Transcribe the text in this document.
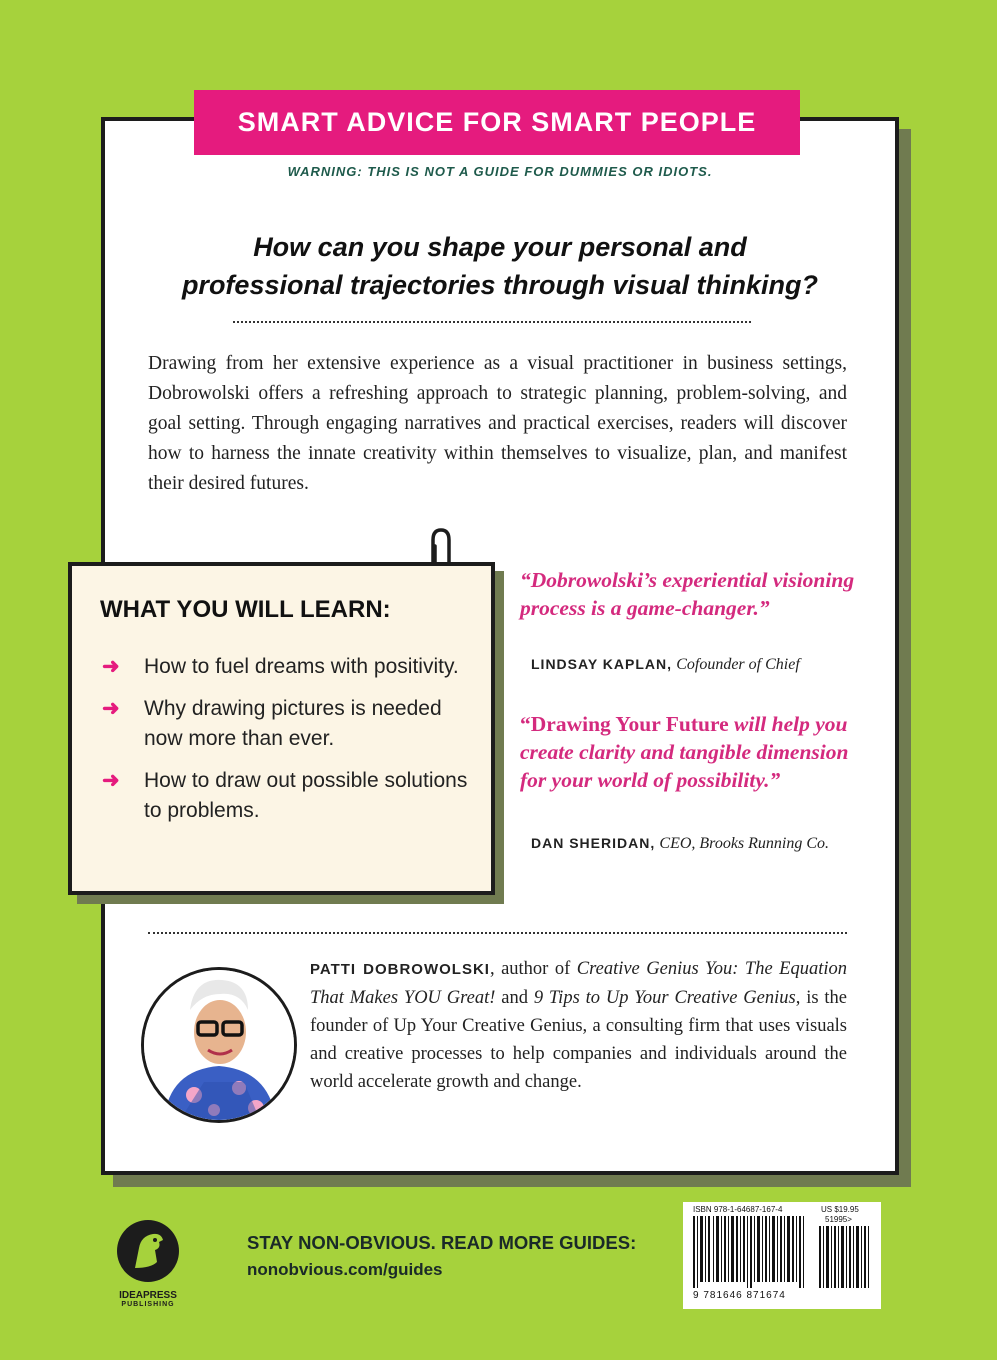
SMART ADVICE FOR SMART PEOPLE
WARNING: THIS IS NOT A GUIDE FOR DUMMIES OR IDIOTS.
How can you shape your personal and
professional trajectories through visual thinking?
Drawing from her extensive experience as a visual practitioner in business settings, Dobrowolski offers a refreshing approach to strategic planning, problem-solving, and goal setting. Through engaging narratives and practical exercises, readers will discover how to harness the innate creativity within themselves to visualize, plan, and manifest their desired futures.
WHAT YOU WILL LEARN:
➜ How to fuel dreams with positivity.
➜ Why drawing pictures is needed now more than ever.
➜ How to draw out possible solutions to problems.
“Dobrowolski’s experiential visioning process is a game-changer.”
LINDSAY KAPLAN, Cofounder of Chief
“Drawing Your Future will help you create clarity and tangible dimension for your world of possibility.”
DAN SHERIDAN, CEO, Brooks Running Co.
PATTI DOBROWOLSKI, author of Creative Genius You: The Equation That Makes YOU Great! and 9 Tips to Up Your Creative Genius, is the founder of Up Your Creative Genius, a consulting firm that uses visuals and creative processes to help companies and individuals around the world accelerate growth and change.
IDEAPRESS
PUBLISHING
STAY NON-OBVIOUS. READ MORE GUIDES:
nonobvious.com/guides
ISBN 978-1-64687-167-4	US $19.95
51995>
9 781646 871674
